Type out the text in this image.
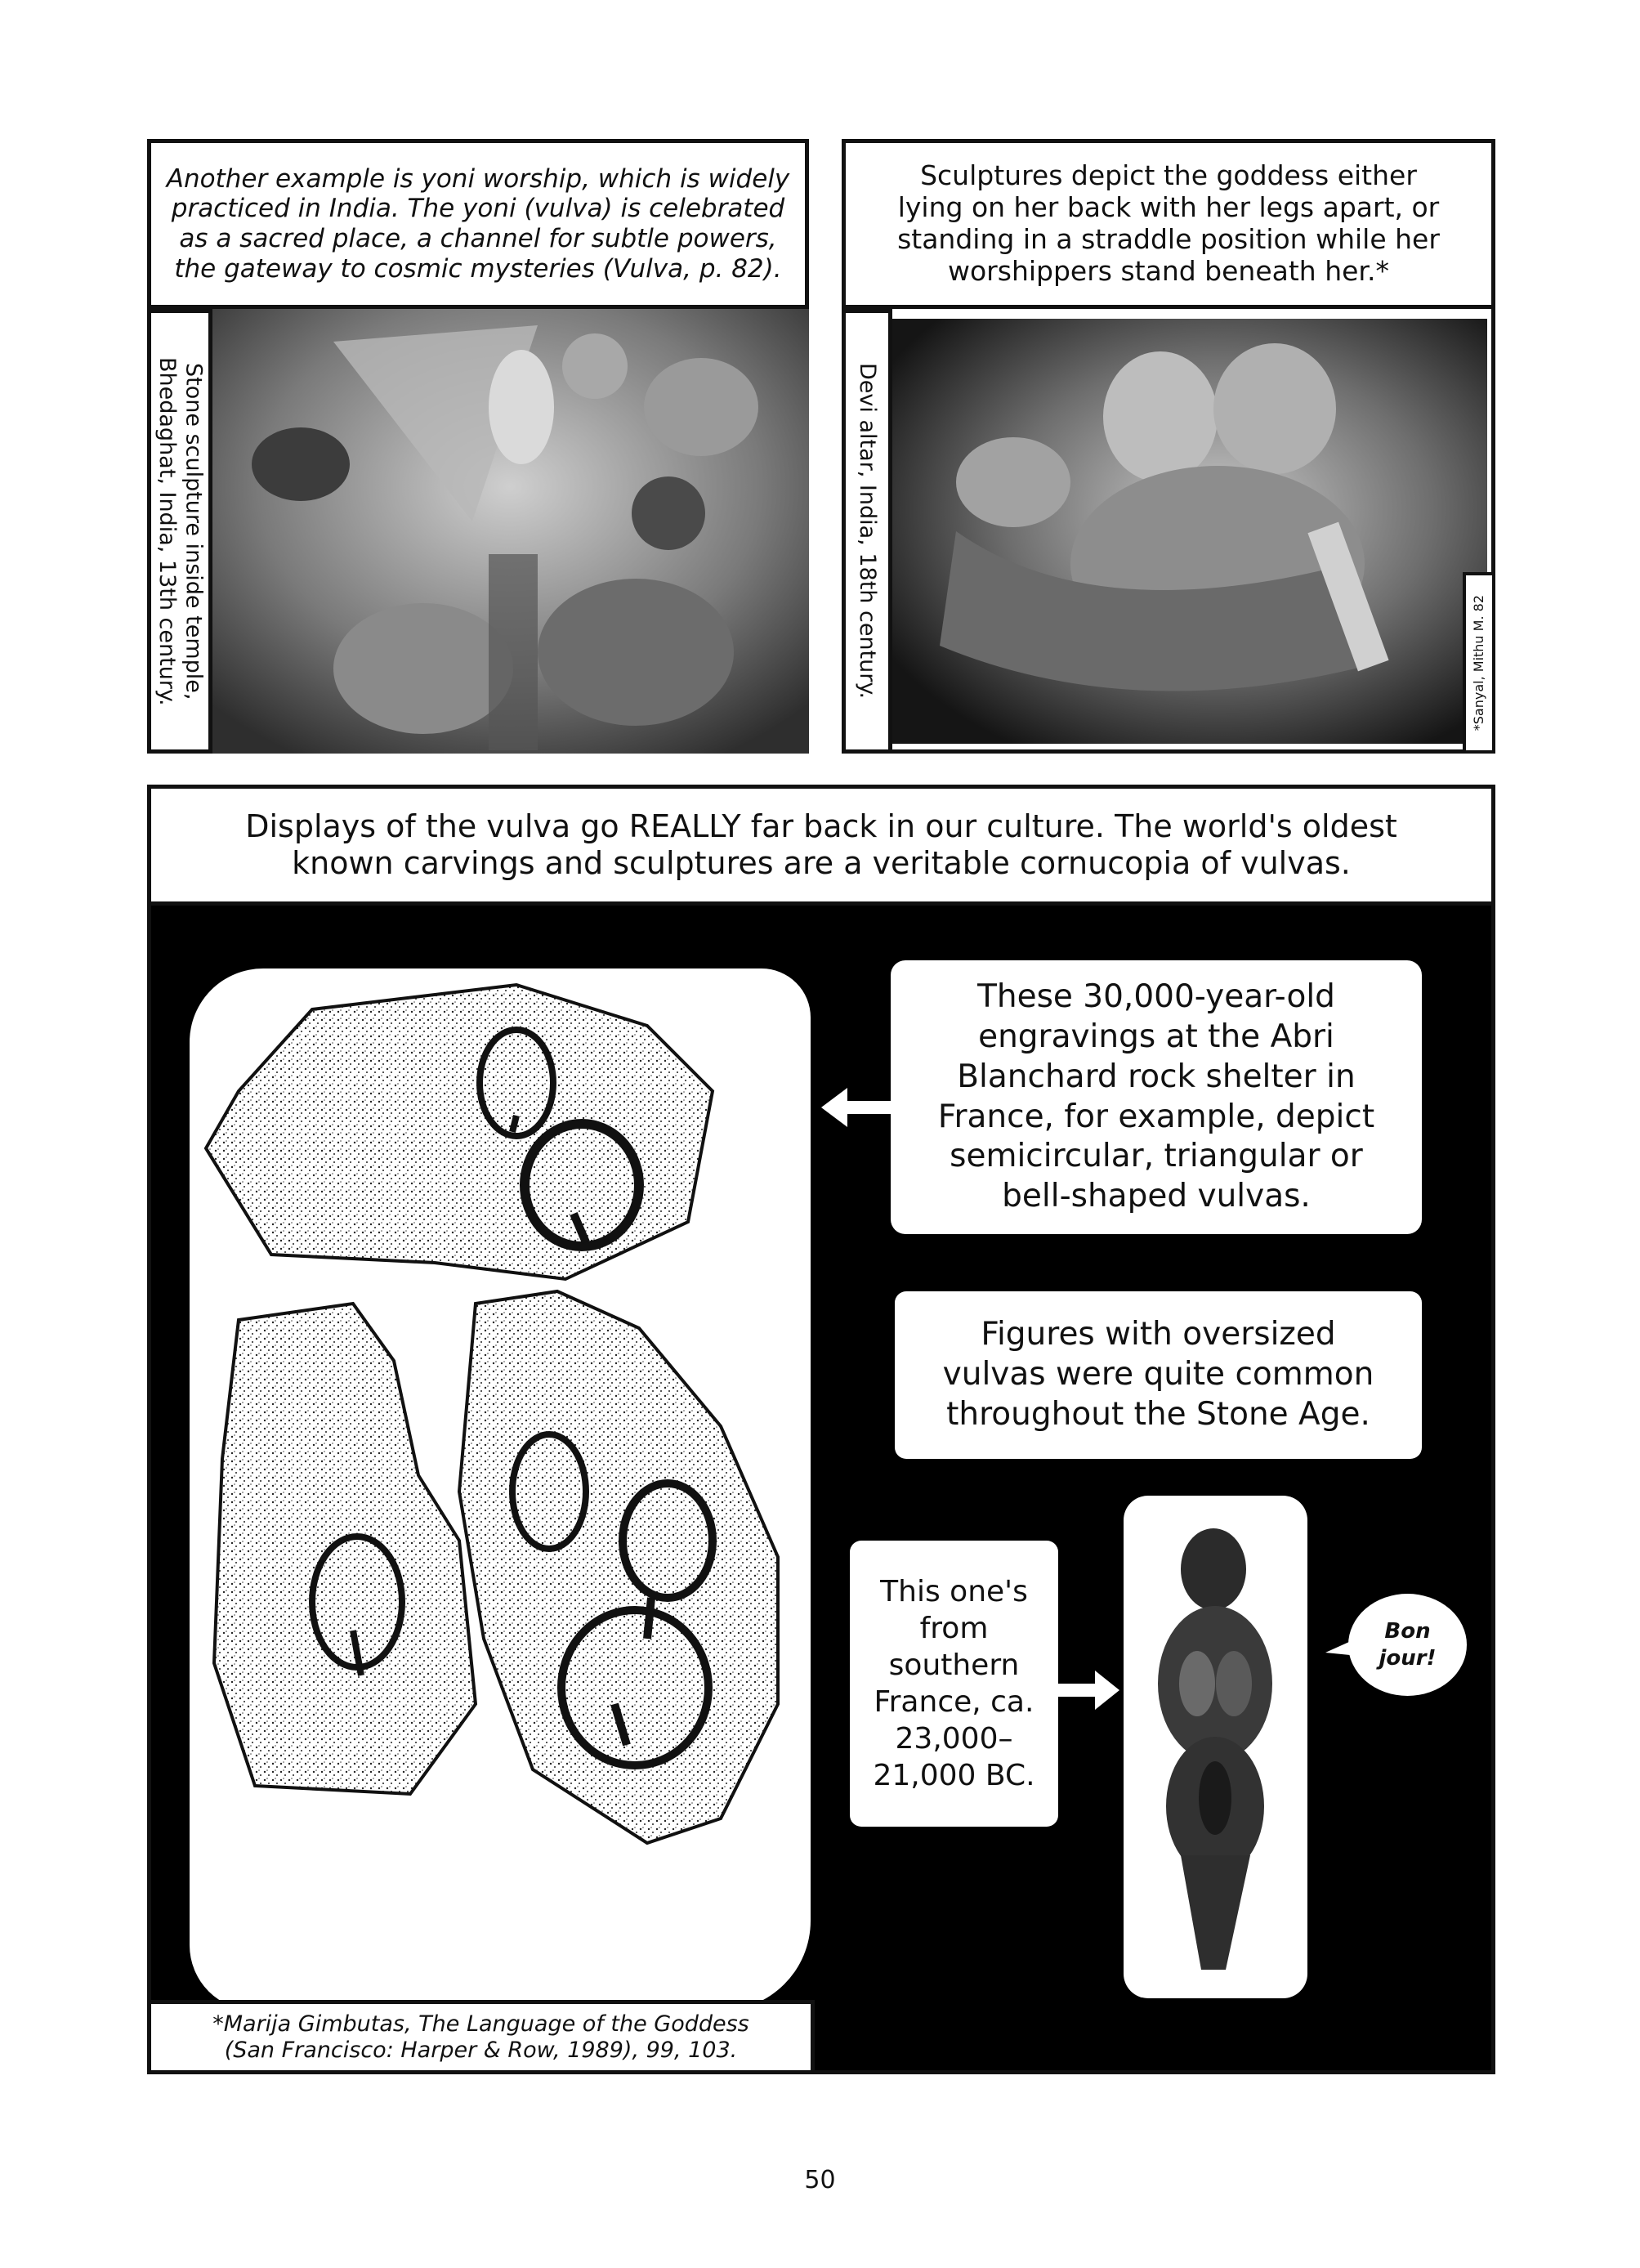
Another example is yoni worship, which is widely
practiced in India. The yoni (vulva) is celebrated
as a sacred place, a channel for subtle powers,
the gateway to cosmic mysteries (Vulva, p. 82).
Stone sculpture inside temple,
Bhedaghat, India, 13th century.
Sculptures depict the goddess either
lying on her back with her legs apart, or
standing in a straddle position while her
worshippers stand beneath her.*
Devi altar, India, 18th century.	*Sanyal, Mithu M. 82
Displays of the vulva go REALLY far back in our culture. The world's oldest
known carvings and sculptures are a veritable cornucopia of vulvas.
These 30,000-year-old
engravings at the Abri
Blanchard rock shelter in
France, for example, depict
semicircular, triangular or
bell-shaped vulvas.
Figures with oversized
vulvas were quite common
throughout the Stone Age.
This one's
from
southern
France, ca.
23,000–
21,000 BC.
Bon
jour!
*Marija Gimbutas, The Language of the Goddess
(San Francisco: Harper & Row, 1989), 99, 103.
50
